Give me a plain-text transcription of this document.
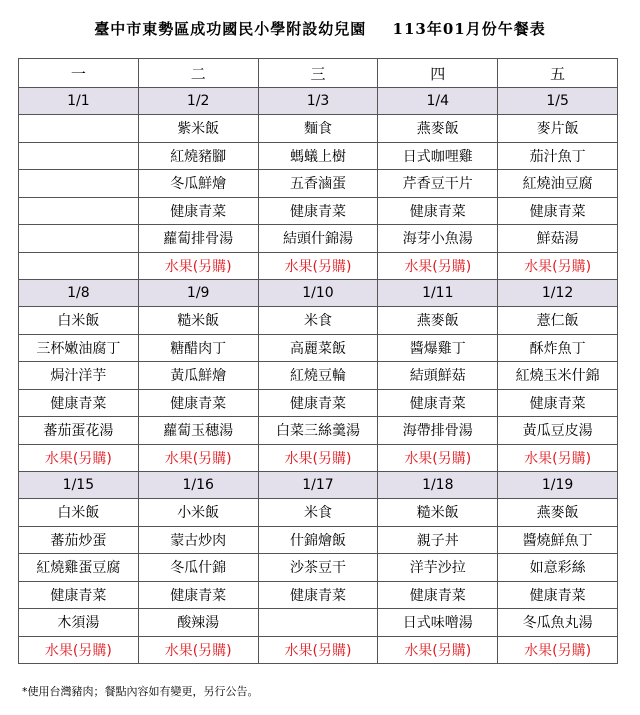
臺中市東勢區成功國民小學附設幼兒園 113年01月份午餐表
一	二	三	四	五
1/1	1/2	1/3	1/4	1/5
	紫米飯	麵食	燕麥飯	麥片飯
	紅燒豬腳	螞蟻上樹	日式咖哩雞	茄汁魚丁
	冬瓜鮮燴	五香滷蛋	芹香豆干片	紅燒油豆腐
	健康青菜	健康青菜	健康青菜	健康青菜
	蘿蔔排骨湯	結頭什錦湯	海芽小魚湯	鮮菇湯
	水果(另購)	水果(另購)	水果(另購)	水果(另購)
1/8	1/9	1/10	1/11	1/12
白米飯	糙米飯	米食	燕麥飯	薏仁飯
三杯嫩油腐丁	糖醋肉丁	高麗菜飯	醬爆雞丁	酥炸魚丁
焗汁洋芋	黃瓜鮮燴	紅燒豆輪	結頭鮮菇	紅燒玉米什錦
健康青菜	健康青菜	健康青菜	健康青菜	健康青菜
蕃茄蛋花湯	蘿蔔玉穗湯	白菜三絲羹湯	海帶排骨湯	黃瓜豆皮湯
水果(另購)	水果(另購)	水果(另購)	水果(另購)	水果(另購)
1/15	1/16	1/17	1/18	1/19
白米飯	小米飯	米食	糙米飯	燕麥飯
蕃茄炒蛋	蒙古炒肉	什錦燴飯	親子丼	醬燒鮮魚丁
紅燒雞蛋豆腐	冬瓜什錦	沙茶豆干	洋芋沙拉	如意彩絲
健康青菜	健康青菜	健康青菜	健康青菜	健康青菜
木須湯	酸辣湯		日式味噌湯	冬瓜魚丸湯
水果(另購)	水果(另購)	水果(另購)	水果(另購)	水果(另購)
*使用台灣豬肉；餐點內容如有變更，另行公告。
